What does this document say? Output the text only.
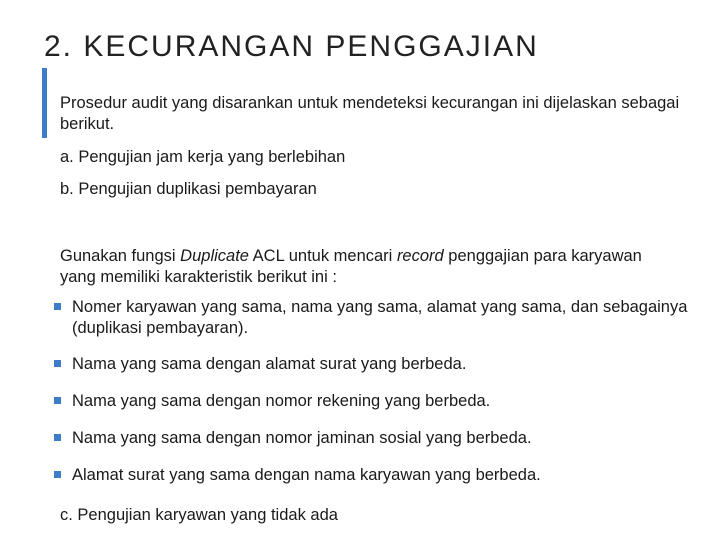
2. KECURANGAN PENGGAJIAN

Prosedur audit yang disarankan untuk mendeteksi kecurangan ini dijelaskan sebagai berikut.

a. Pengujian jam kerja yang berlebihan

b. Pengujian duplikasi pembayaran

Gunakan fungsi Duplicate ACL untuk mencari record penggajian para karyawan yang memiliki karakteristik berikut ini :

Nomer karyawan yang sama, nama yang sama, alamat yang sama, dan sebagainya (duplikasi pembayaran).
Nama yang sama dengan alamat surat yang berbeda.
Nama yang sama dengan nomor rekening yang berbeda.
Nama yang sama dengan nomor jaminan sosial yang berbeda.
Alamat surat yang sama dengan nama karyawan yang berbeda.

c. Pengujian karyawan yang tidak ada
